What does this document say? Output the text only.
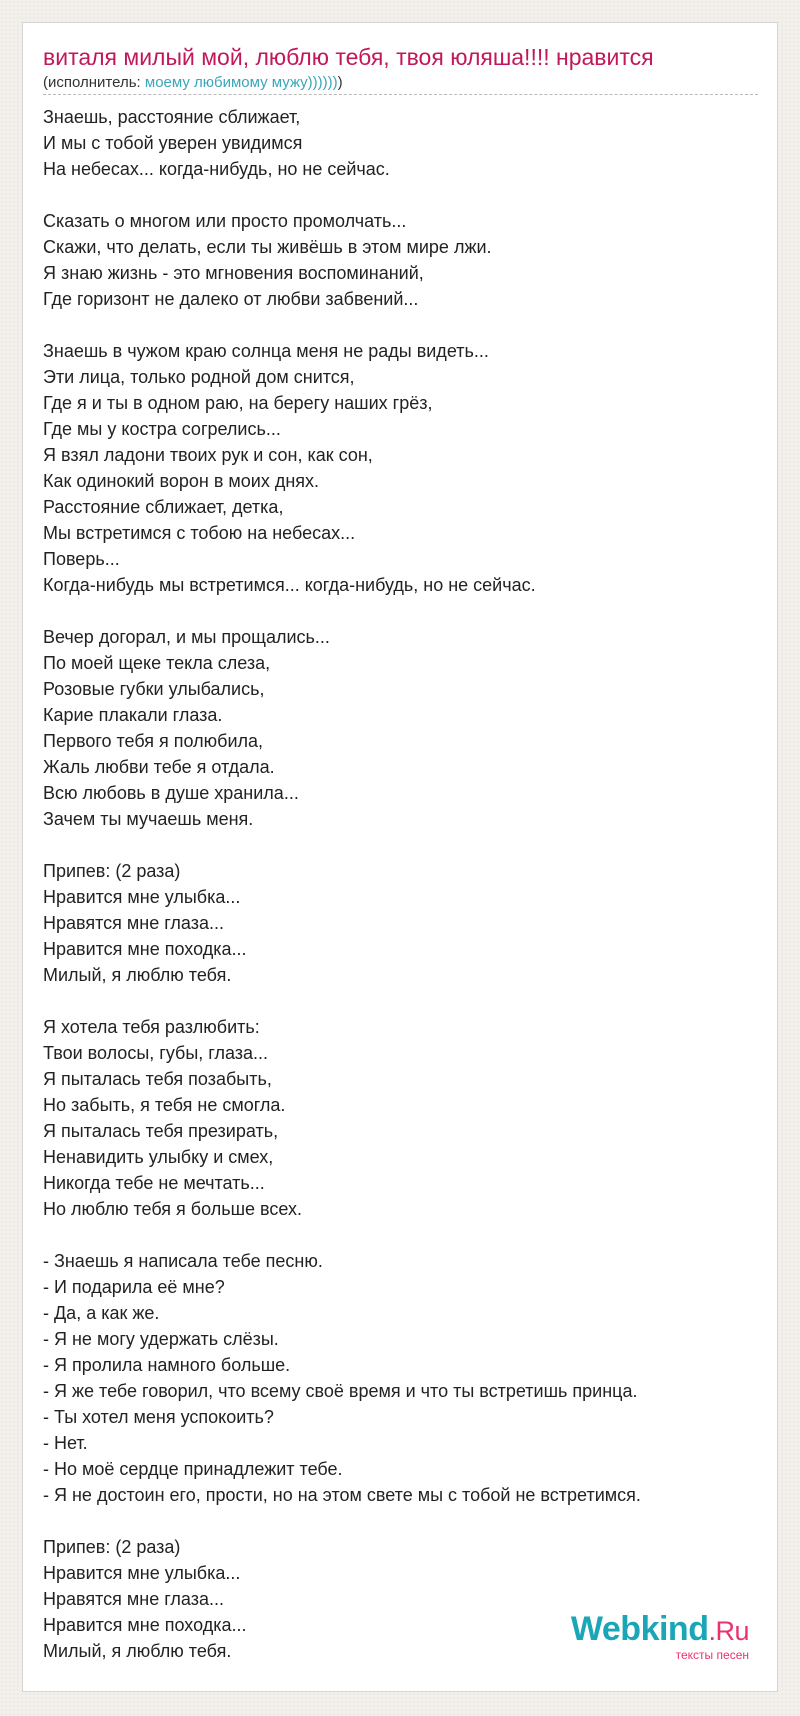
виталя милый мой, люблю тебя, твоя юляша!!!! нравится
(исполнитель: моему любимому мужу)))))))
Знаешь, расстояние сближает,
И мы с тобой уверен увидимся
На небесах... когда-нибудь, но не сейчас.
Сказать о многом или просто промолчать...
Скажи, что делать, если ты живёшь в этом мире лжи.
Я знаю жизнь - это мгновения воспоминаний,
Где горизонт не далеко от любви забвений...
Знаешь в чужом краю солнца меня не рады видеть...
Эти лица, только родной дом снится,
Где я и ты в одном раю, на берегу наших грёз,
Где мы у костра согрелись...
Я взял ладони твоих рук и сон, как сон,
Как одинокий ворон в моих днях.
Расстояние сближает, детка,
Мы встретимся с тобою на небесах...
Поверь...
Когда-нибудь мы встретимся... когда-нибудь, но не сейчас.
Вечер догорал, и мы прощались...
По моей щеке текла слеза,
Розовые губки улыбались,
Карие плакали глаза.
Первого тебя я полюбила,
Жаль любви тебе я отдала.
Всю любовь в душе хранила...
Зачем ты мучаешь меня.
Припев: (2 раза)
Нравится мне улыбка...
Нравятся мне глаза...
Нравится мне походка...
Милый, я люблю тебя.
Я хотела тебя разлюбить:
Твои волосы, губы, глаза...
Я пыталась тебя позабыть,
Но забыть, я тебя не смогла.
Я пыталась тебя презирать,
Ненавидить улыбку и смех,
Никогда тебе не мечтать...
Но люблю тебя я больше всех.
- Знаешь я написала тебе песню.
- И подарила её мне?
- Да, а как же.
- Я не могу удержать слёзы.
- Я пролила намного больше.
- Я же тебе говорил, что всему своё время и что ты встретишь принца.
- Ты хотел меня успокоить?
- Нет.
- Но моё сердце принадлежит тебе.
- Я не достоин его, прости, но на этом свете мы с тобой не встретимся.
Припев: (2 раза)
Нравится мне улыбка...
Нравятся мне глаза...
Нравится мне походка...
Милый, я люблю тебя.
Webkind.Ru
тексты песен
